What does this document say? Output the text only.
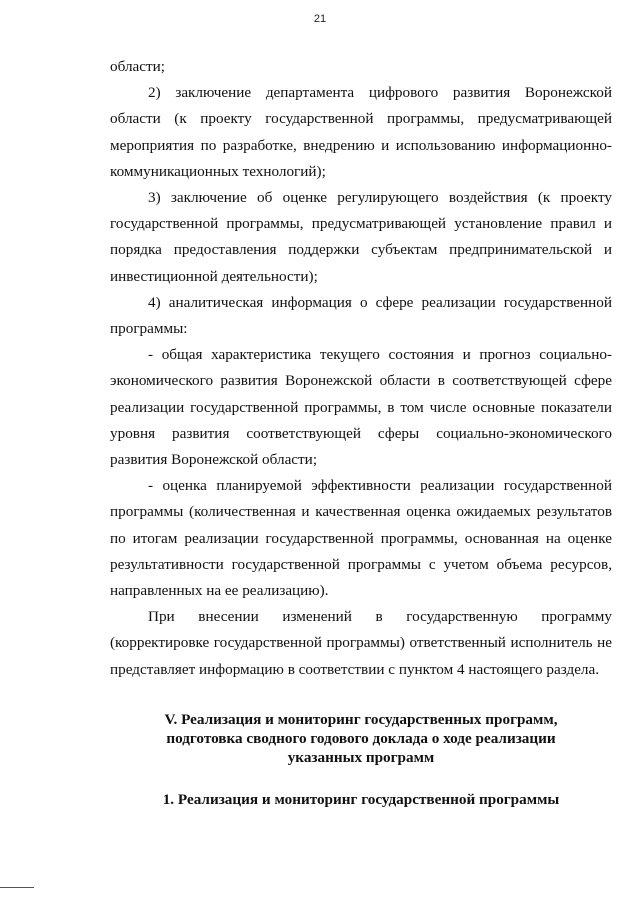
21

области;

2) заключение департамента цифрового развития Воронежской области (к проекту государственной программы, предусматривающей мероприятия по разработке, внедрению и использованию информационно-коммуникационных технологий);

3) заключение об оценке регулирующего воздействия (к проекту государственной программы, предусматривающей установление правил и порядка предоставления поддержки субъектам предпринимательской и инвестиционной деятельности);

4) аналитическая информация о сфере реализации государственной программы:

- общая характеристика текущего состояния и прогноз социально-экономического развития Воронежской области в соответствующей сфере реализации государственной программы, в том числе основные показатели уровня развития соответствующей сферы социально-экономического развития Воронежской области;

- оценка планируемой эффективности реализации государственной программы (количественная и качественная оценка ожидаемых результатов по итогам реализации государственной программы, основанная на оценке результативности государственной программы с учетом объема ресурсов, направленных на ее реализацию).

При внесении изменений в государственную программу (корректировке государственной программы) ответственный исполнитель не представляет информацию в соответствии с пунктом 4 настоящего раздела.

V. Реализация и мониторинг государственных программ,
подготовка сводного годового доклада о ходе реализации
указанных программ
1. Реализация и мониторинг государственной программы
